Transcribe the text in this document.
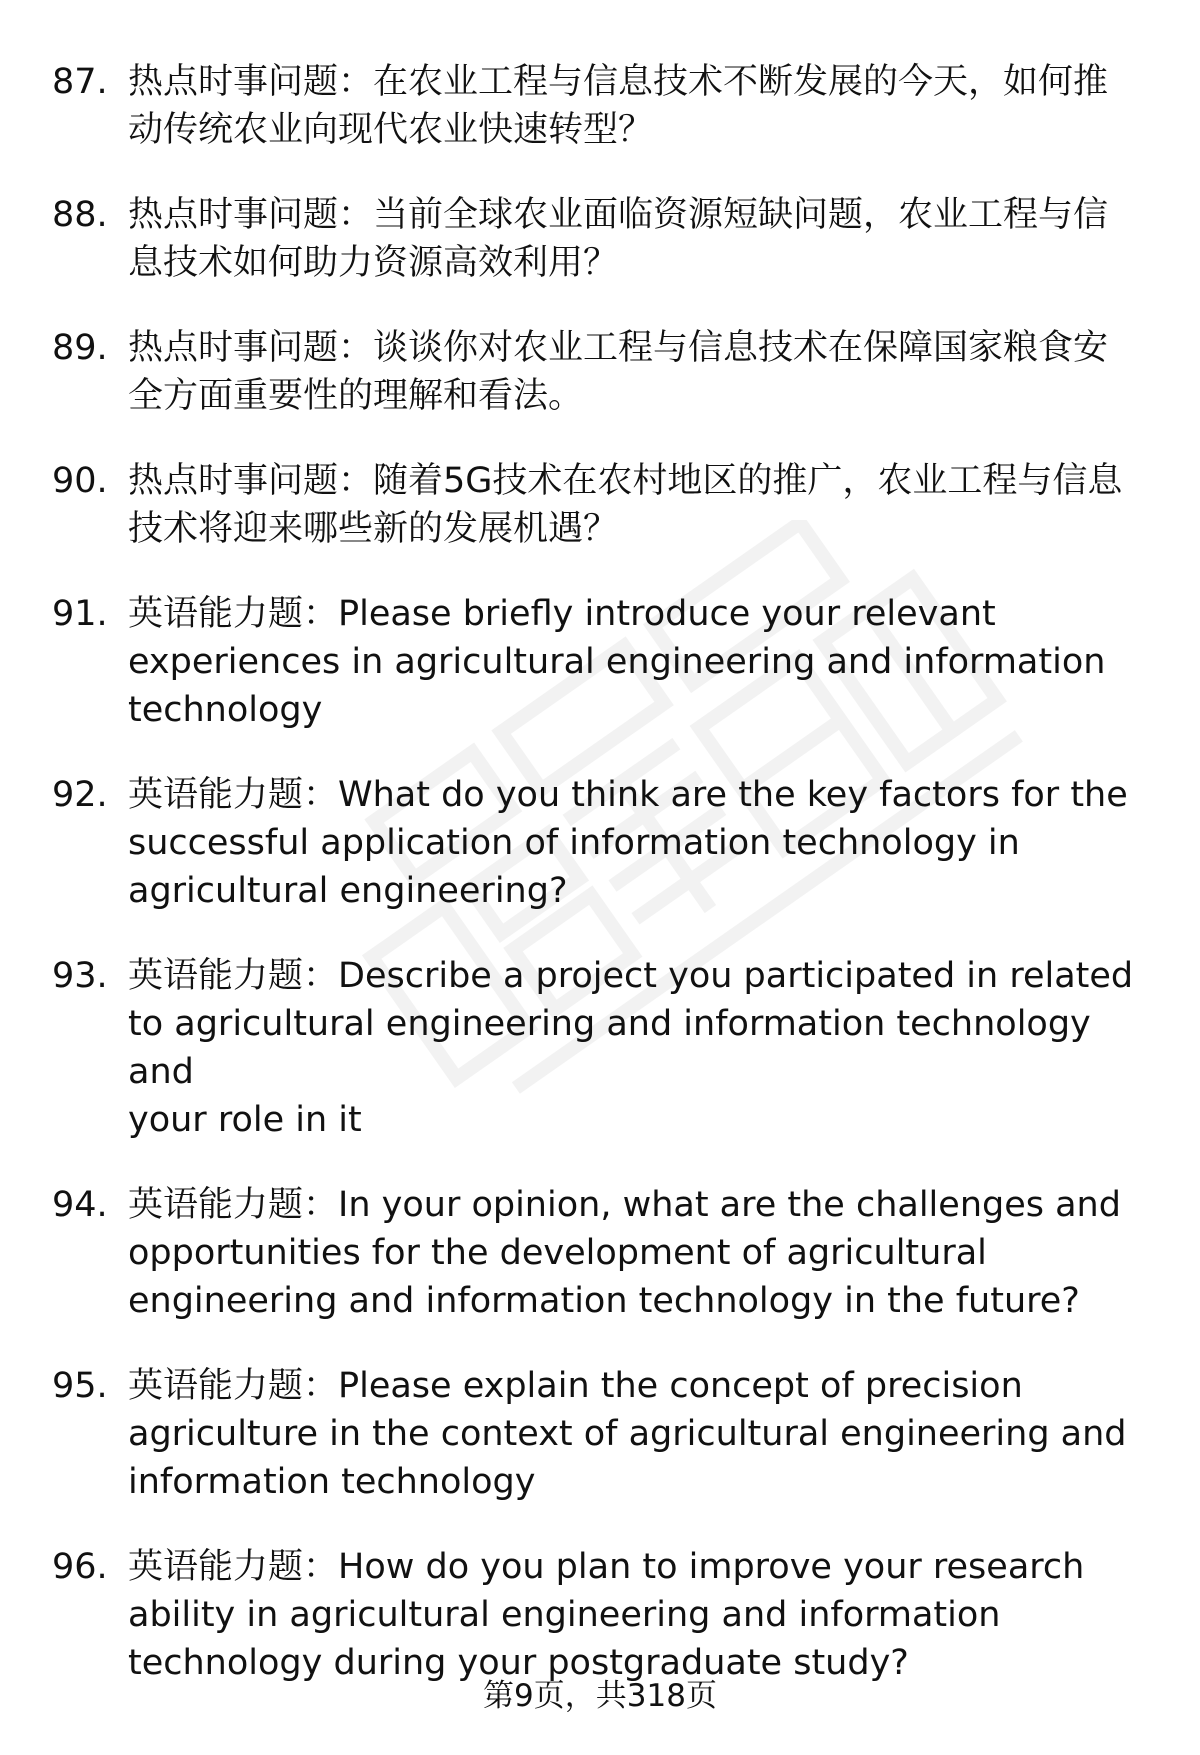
87. 热点时事问题：在农业工程与信息技术不断发展的今天，如何推
动传统农业向现代农业快速转型？
88. 热点时事问题：当前全球农业面临资源短缺问题，农业工程与信
息技术如何助力资源高效利用？
89. 热点时事问题：谈谈你对农业工程与信息技术在保障国家粮食安
全方面重要性的理解和看法。
90. 热点时事问题：随着5G技术在农村地区的推广，农业工程与信息
技术将迎来哪些新的发展机遇？
91. 英语能力题：Please briefly introduce your relevant
experiences in agricultural engineering and information
technology
92. 英语能力题：What do you think are the key factors for the
successful application of information technology in
agricultural engineering?
93. 英语能力题：Describe a project you participated in related
to agricultural engineering and information technology and
your role in it
94. 英语能力题：In your opinion, what are the challenges and
opportunities for the development of agricultural
engineering and information technology in the future?
95. 英语能力题：Please explain the concept of precision
agriculture in the context of agricultural engineering and
information technology
96. 英语能力题：How do you plan to improve your research
ability in agricultural engineering and information
technology during your postgraduate study?
第9页，共318页
